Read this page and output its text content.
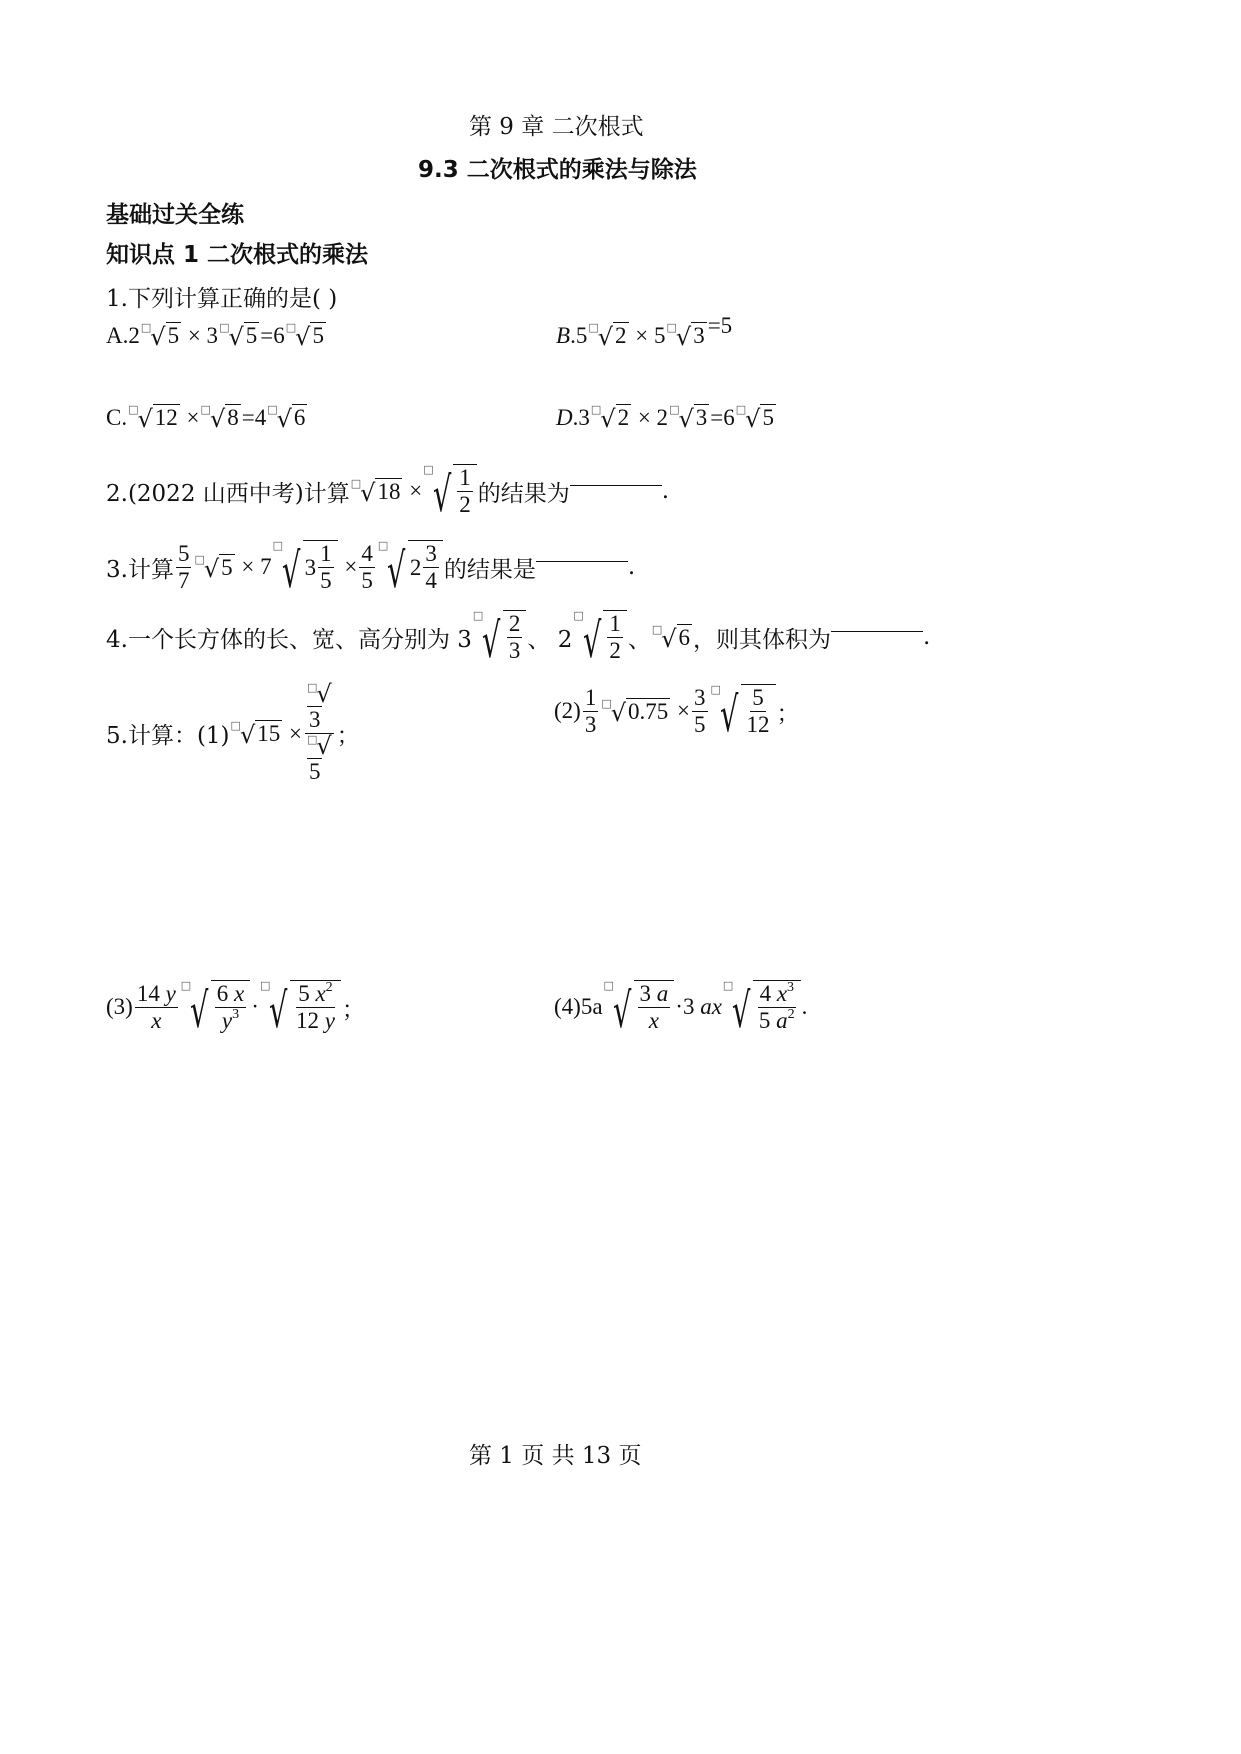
第 9 章 二次根式
9.3 二次根式的乘法与除法
基础过关全练
知识点 1 二次根式的乘法
1.下列计算正确的是( )
A.2 □ √ 5 × 3 □ √ 5 =6 □ √ 5	B .5 □ √ 2 × 5 □ √ 3 =5
C. □ √ 12 × □ √ 8 =4 □ √ 6	D .3 □ √ 2 × 2 □ √ 3 =6 □ √ 5
2.(2022 山西中考)计算 □ √ 18 ×
□ √ $\frac{1}{2}$ 的结果为	.
3.计算 $\frac{5}{7}$ □ √ 5 × 7
□ √ $3 \frac{1}{5} \times \frac{4}{5}$ □ √ $2 \frac{3}{4}$ 的结果是	.
4.一个长方体的长、宽、高分别为 3
□ √ $\frac{2}{3}$ 、 2
□ √ $\frac{1}{2}$ 、 □ √ 6 ，则其体积为	.
5.计算：(1) □ √ 15 × □ √
3
□ √
5 ；
$(2) \frac{1}{3}$ □ √ $0.75 \times \frac{3}{5}$ □ √ $\frac{5}{12}$ ；
$(3) \frac{14 y}{x}$ □ √ $\frac{6 x}{y^3}$ ·
□ √ $\frac{5 x^2}{12 y}$ ；	(4)5a
□ √ $\frac{3 a}{x} \cdot 3$ ax
□ √ $\frac{4 x^3}{5 a^2}$ .
第 1 页 共 13 页
